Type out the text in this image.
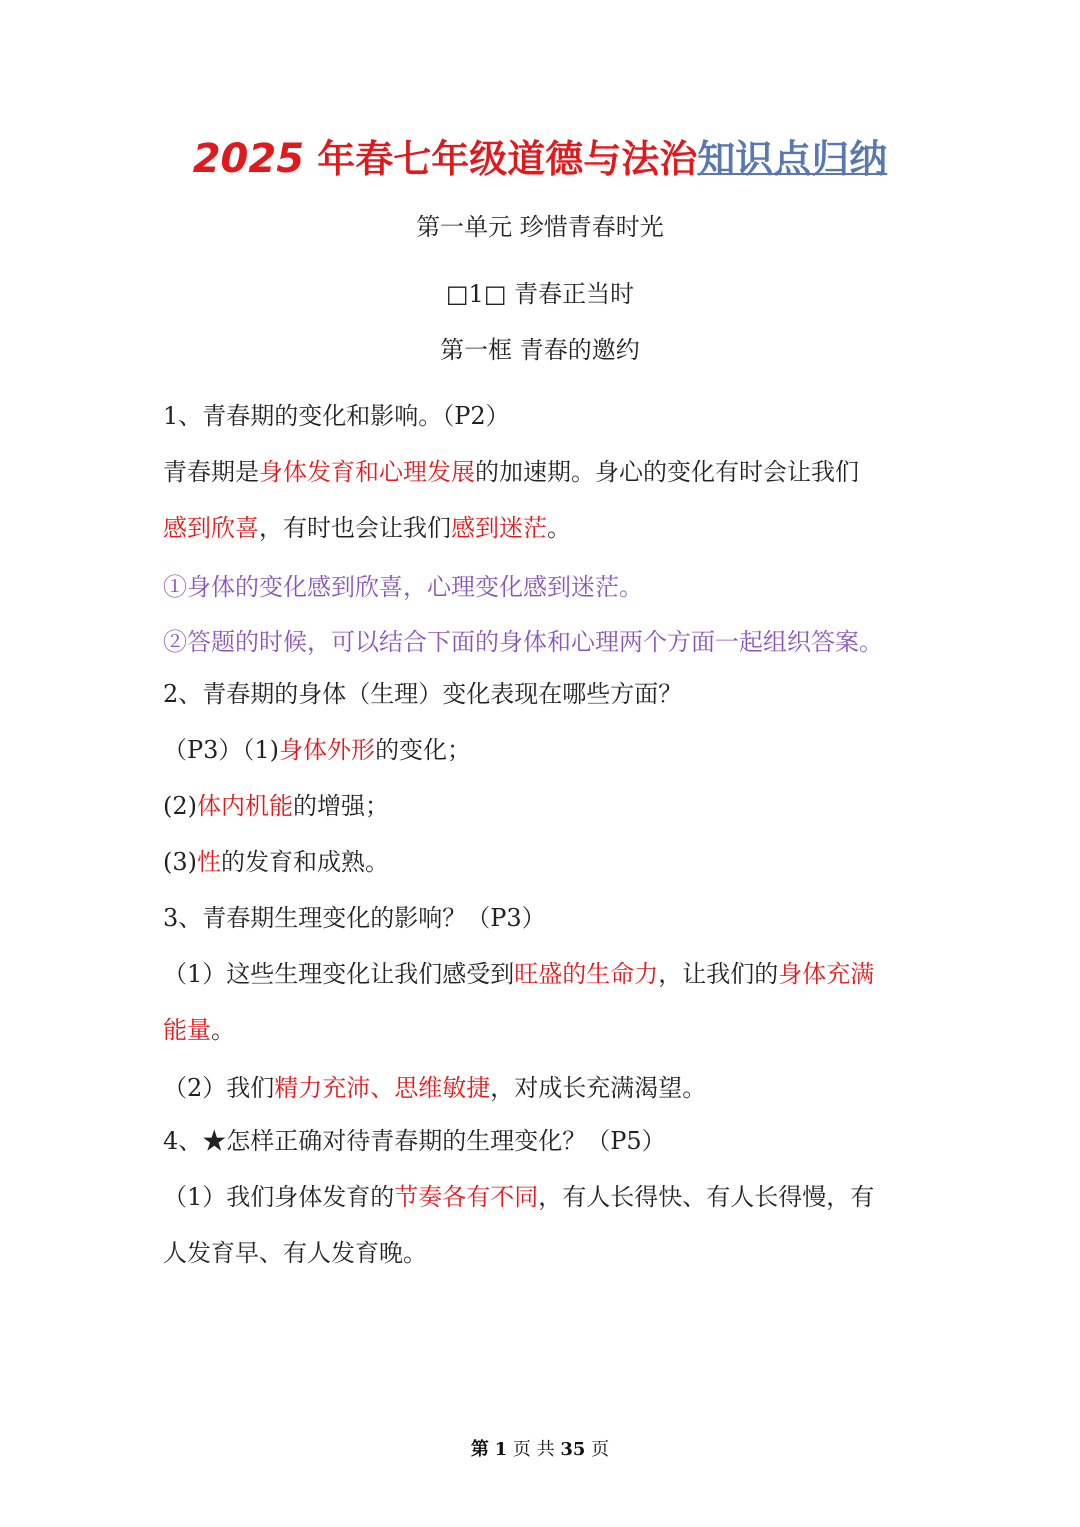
2025 年春七年级道德与法治知识点归纳
第一单元 珍惜青春时光
□1□ 青春正当时
第一框 青春的邀约
1、青春期的变化和影响。（P2）
青春期是身体发育和心理发展的加速期。身心的变化有时会让我们
感到欣喜，有时也会让我们感到迷茫。
①身体的变化感到欣喜，心理变化感到迷茫。
②答题的时候，可以结合下面的身体和心理两个方面一起组织答案。
2、青春期的身体（生理）变化表现在哪些方面？
（P3）（1)身体外形的变化；
(2)体内机能的增强；
(3)性的发育和成熟。
3、青春期生理变化的影响？（P3）
（1）这些生理变化让我们感受到旺盛的生命力，让我们的身体充满
能量。
（2）我们精力充沛、思维敏捷，对成长充满渴望。
4、★怎样正确对待青春期的生理变化？（P5）
（1）我们身体发育的节奏各有不同，有人长得快、有人长得慢，有
人发育早、有人发育晚。
第 1 页 共 35 页
